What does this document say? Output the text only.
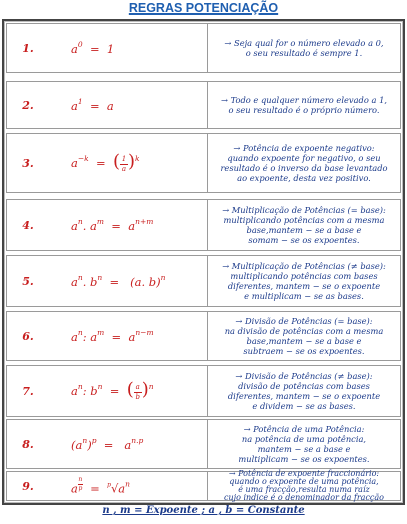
REGRAS POTENCIAÇÃO
1.	$a^0 = 1$	→ Seja qual for o número elevado a 0,
o seu resultado é sempre 1.
2.	$a^1 = a$	→ Todo e qualquer número elevado a 1,
o seu resultado é o próprio número.
3.	$a^{-k}$  =  ( $\frac{1}{a} )^k$
→ Potência de expoente negativo:
quando expoente for negativo, o seu
resultado é o inverso da base levantado
ao expoente, desta vez positivo.
4.	$a^n$. $a^m = a^{n+m}$
→ Multiplicação de Potências (= base):
multiplicando potências com a mesma
base,mantem − se a base e
somam − se os expoentes.
5.	$a^n$. $b^n = (a$. b)$^n$
→ Multiplicação de Potências (≠ base):
multiplicando potências com bases
diferentes, mantem − se o expoente
e multiplicam − se as bases.
6.	$a^n$: $a^m = a^{n-m}$
→ Divisão de Potências (= base):
na divisão de potências com a mesma
base,mantem − se a base e
subtraem − se os expoentes.
7.	$a^n$: $b^n$  =  ( $\frac{a}{b} )^n$
→ Divisão de Potências (≠ base):
divisão de potências com bases
diferentes, mantem − se o expoente
e dividem − se as bases.
8.	$(a^n)^p = a^{n.p}$
→ Potência de uma Potência:
na potência de uma potência,
mantem − se a base e
multiplicam − se os expoentes.
9.	a $^{\frac{n}{p}} = ^p√a^n$
→ Potência de expoente fraccionário:
quando o expoente de uma potência,
é uma fracção,resulta numa raíz
cujo indice é o denominador da fracção
n , m = Expoente ; a , b = Constante
